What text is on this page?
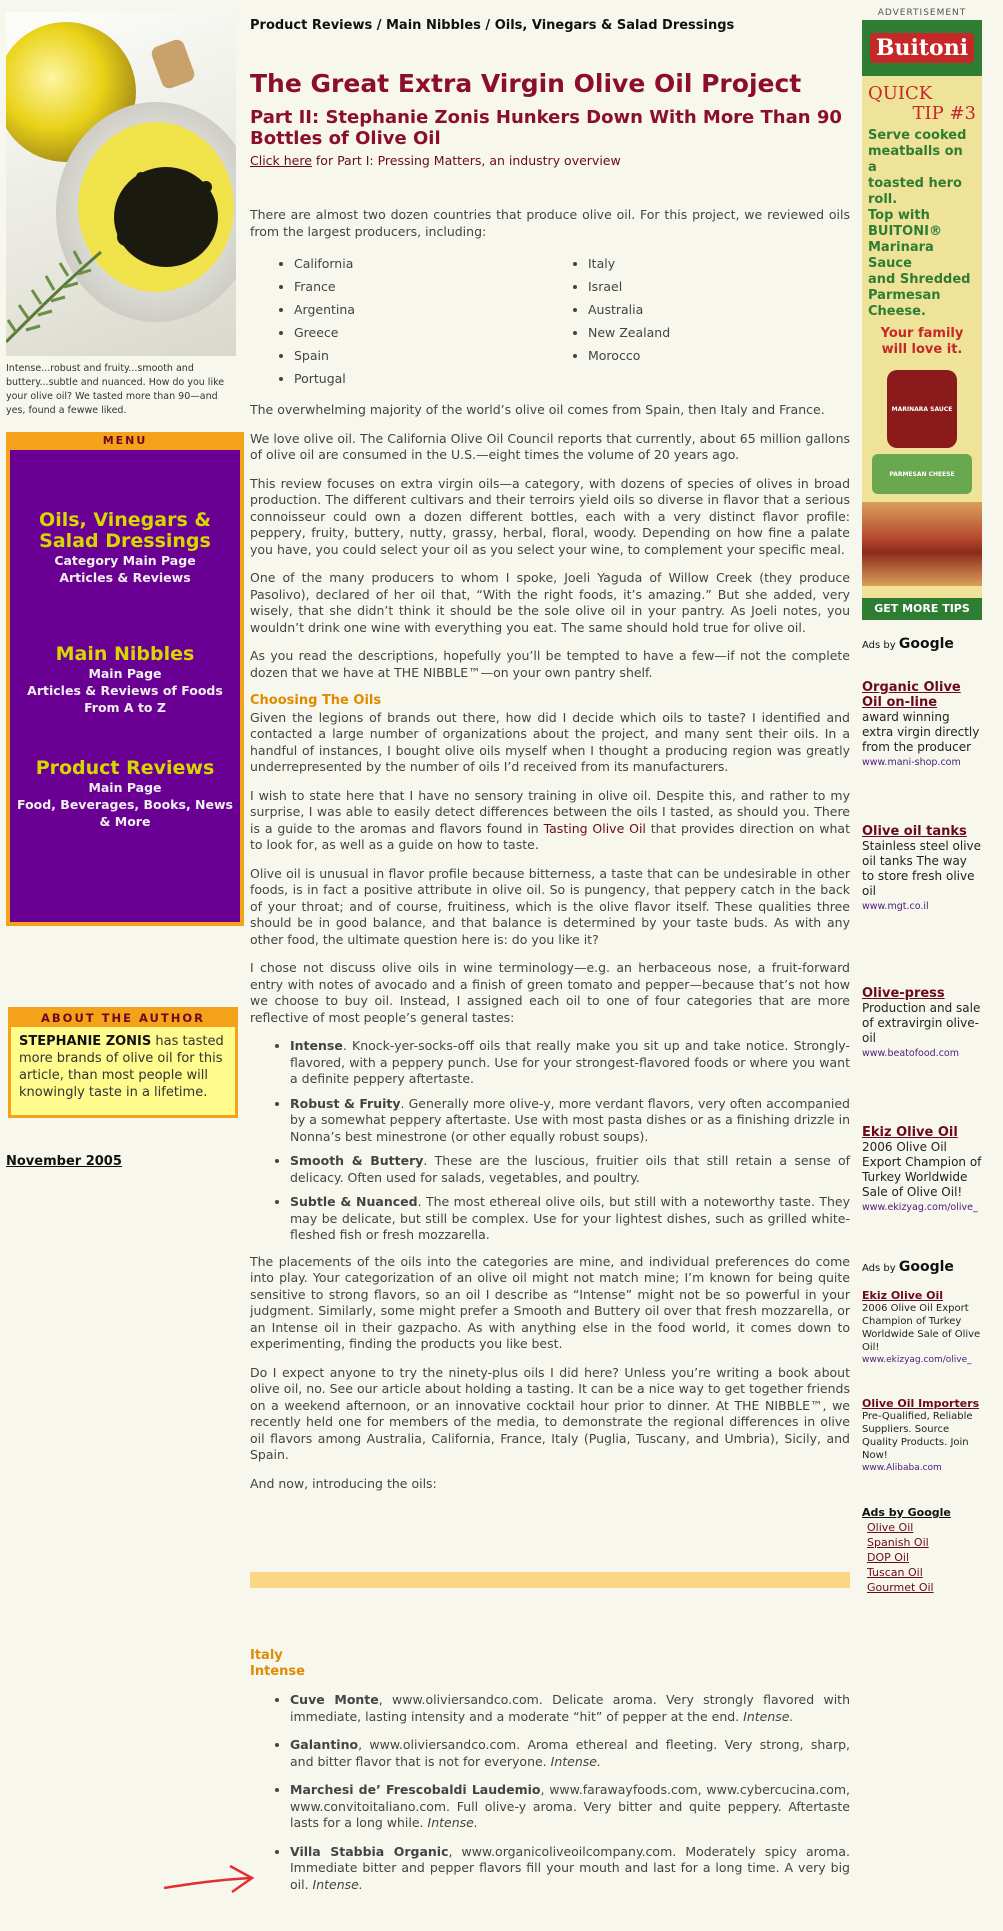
Intense...robust and fruity...smooth and buttery...subtle and nuanced. How do you like your olive oil? We tasted more than 90—and yes, found a fewwe liked.
MENU
Oils, Vinegars & Salad Dressings
Category Main Page
Articles & Reviews
Main Nibbles
Main Page
Articles & Reviews of Foods From A to Z
Product Reviews
Main Page
Food, Beverages, Books, News & More
ABOUT THE AUTHOR
STEPHANIE ZONIS has tasted more brands of olive oil for this article, than most people will knowingly taste in a lifetime.
November 2005
Product Reviews / Main Nibbles / Oils, Vinegars & Salad Dressings
The Great Extra Virgin Olive Oil Project
Part II: Stephanie Zonis Hunkers Down With More Than 90 Bottles of Olive Oil
Click here for Part I: Pressing Matters, an industry overview

There are almost two dozen countries that produce olive oil. For this project, we reviewed oils from the largest producers, including:

• California
• France
• Argentina
• Greece
• Spain
• Portugal
• Italy
• Israel
• Australia
• New Zealand
• Morocco

The overwhelming majority of the world’s olive oil comes from Spain, then Italy and France.

We love olive oil. The California Olive Oil Council reports that currently, about 65 million gallons of olive oil are consumed in the U.S.—eight times the volume of 20 years ago.

This review focuses on extra virgin oils—a category, with dozens of species of olives in broad production. The different cultivars and their terroirs yield oils so diverse in flavor that a serious connoisseur could own a dozen different bottles, each with a very distinct flavor profile: peppery, fruity, buttery, nutty, grassy, herbal, floral, woody. Depending on how fine a palate you have, you could select your oil as you select your wine, to complement your specific meal.

One of the many producers to whom I spoke, Joeli Yaguda of Willow Creek (they produce Pasolivo), declared of her oil that, “With the right foods, it’s amazing.” But she added, very wisely, that she didn’t think it should be the sole olive oil in your pantry. As Joeli notes, you wouldn’t drink one wine with everything you eat. The same should hold true for olive oil.

As you read the descriptions, hopefully you’ll be tempted to have a few—if not the complete dozen that we have at THE NIBBLE™—on your own pantry shelf.

Choosing The Oils

Given the legions of brands out there, how did I decide which oils to taste? I identified and contacted a large number of organizations about the project, and many sent their oils. In a handful of instances, I bought olive oils myself when I thought a producing region was greatly underrepresented by the number of oils I’d received from its manufacturers.

I wish to state here that I have no sensory training in olive oil. Despite this, and rather to my surprise, I was able to easily detect differences between the oils I tasted, as should you. There is a guide to the aromas and flavors found in Tasting Olive Oil that provides direction on what to look for, as well as a guide on how to taste.

Olive oil is unusual in flavor profile because bitterness, a taste that can be undesirable in other foods, is in fact a positive attribute in olive oil. So is pungency, that peppery catch in the back of your throat; and of course, fruitiness, which is the olive flavor itself. These qualities three should be in good balance, and that balance is determined by your taste buds. As with any other food, the ultimate question here is: do you like it?

I chose not discuss olive oils in wine terminology—e.g. an herbaceous nose, a fruit-forward entry with notes of avocado and a finish of green tomato and pepper—because that’s not how we choose to buy oil. Instead, I assigned each oil to one of four categories that are more reflective of most people’s general tastes:

• Intense. Knock-yer-socks-off oils that really make you sit up and take notice. Strongly-flavored, with a peppery punch. Use for your strongest-flavored foods or where you want a definite peppery aftertaste.
• Robust & Fruity. Generally more olive-y, more verdant flavors, very often accompanied by a somewhat peppery aftertaste. Use with most pasta dishes or as a finishing drizzle in Nonna’s best minestrone (or other equally robust soups).
• Smooth & Buttery. These are the luscious, fruitier oils that still retain a sense of delicacy. Often used for salads, vegetables, and poultry.
• Subtle & Nuanced. The most ethereal olive oils, but still with a noteworthy taste. They may be delicate, but still be complex. Use for your lightest dishes, such as grilled white-fleshed fish or fresh mozzarella.

The placements of the oils into the categories are mine, and individual preferences do come into play. Your categorization of an olive oil might not match mine; I’m known for being quite sensitive to strong flavors, so an oil I describe as “Intense” might not be so powerful in your judgment. Similarly, some might prefer a Smooth and Buttery oil over that fresh mozzarella, or an Intense oil in their gazpacho. As with anything else in the food world, it comes down to experimenting, finding the products you like best.

Do I expect anyone to try the ninety-plus oils I did here? Unless you’re writing a book about olive oil, no. See our article about holding a tasting. It can be a nice way to get together friends on a weekend afternoon, or an innovative cocktail hour prior to dinner. At THE NIBBLE™, we recently held one for members of the media, to demonstrate the regional differences in olive oil flavors among Australia, California, France, Italy (Puglia, Tuscany, and Umbria), Sicily, and Spain.

And now, introducing the oils:

Italy
Intense
• Cuve Monte, www.oliviersandco.com. Delicate aroma. Very strongly flavored with immediate, lasting intensity and a moderate “hit” of pepper at the end. Intense.
• Galantino, www.oliviersandco.com. Aroma ethereal and fleeting. Very strong, sharp, and bitter flavor that is not for everyone. Intense.
• Marchesi de’ Frescobaldi Laudemio, www.farawayfoods.com, www.cybercucina.com, www.convitoitaliano.com. Full olive-y aroma. Very bitter and quite peppery. Aftertaste lasts for a long while. Intense.
• Villa Stabbia Organic, www.organicoliveoilcompany.com. Moderately spicy aroma. Immediate bitter and pepper flavors fill your mouth and last for a long time. A very big oil. Intense.
ADVERTISEMENT
Buitoni
QUICK
TIP #3
Serve cooked
meatballs on a
toasted hero roll.
Top with BUITONI®
Marinara Sauce
and Shredded
Parmesan Cheese.
Your family
will love it.
MARINARA SAUCE
PARMESAN CHEESE
GET MORE TIPS
Ads by Google
Organic Olive Oil on-line
award winning extra virgin directly from the producer
www.mani-shop.com
Olive oil tanks
Stainless steel olive oil tanks The way to store fresh olive oil
www.mgt.co.il
Olive-press
Production and sale of extravirgin olive-oil
www.beatofood.com
Ekiz Olive Oil
2006 Olive Oil Export Champion of Turkey Worldwide Sale of Olive Oil!
www.ekizyag.com/olive_
Ads by Google
Ekiz Olive Oil
2006 Olive Oil Export Champion of Turkey Worldwide Sale of Olive Oil!
www.ekizyag.com/olive_
Olive Oil Importers
Pre-Qualified, Reliable Suppliers. Source Quality Products. Join Now!
www.Alibaba.com
Ads by Google
Olive Oil
Spanish Oil
DOP Oil
Tuscan Oil
Gourmet Oil
